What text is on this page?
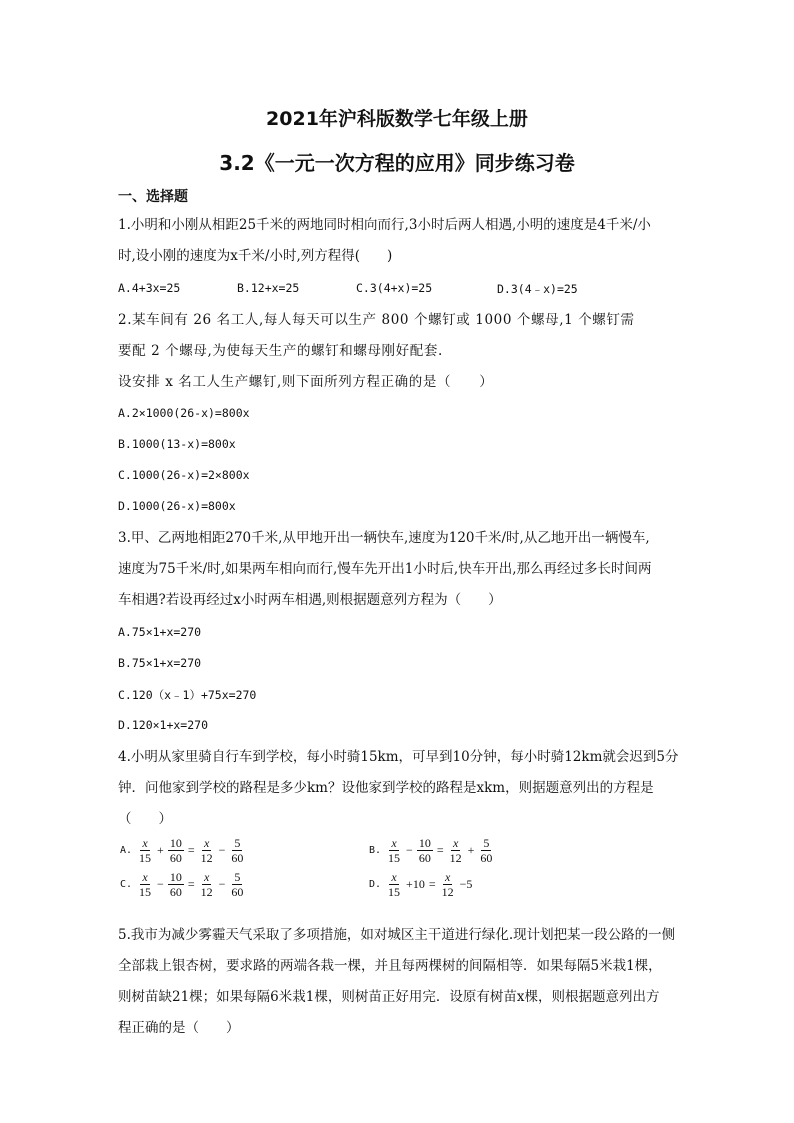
2021年沪科版数学七年级上册
3.2《一元一次方程的应用》同步练习卷
一、选择题
1.小明和小刚从相距25千米的两地同时相向而行,3小时后两人相遇,小明的速度是4千米/小
时,设小刚的速度为x千米/小时,列方程得(　　)
A.4+3x=25	B.12+x=25	C.3(4+x)=25	D.3(4﹣x)=25
2.某车间有 26 名工人,每人每天可以生产 800 个螺钉或 1000 个螺母,1 个螺钉需
要配 2 个螺母,为使每天生产的螺钉和螺母刚好配套.
设安排 x 名工人生产螺钉,则下面所列方程正确的是（　　）
A.2×1000(26-x)=800x
B.1000(13-x)=800x
C.1000(26-x)=2×800x
D.1000(26-x)=800x
3.甲、乙两地相距270千米,从甲地开出一辆快车,速度为120千米/时,从乙地开出一辆慢车,
速度为75千米/时,如果两车相向而行,慢车先开出1小时后,快车开出,那么再经过多长时间两
车相遇?若设再经过x小时两车相遇,则根据题意列方程为（　　）
A.75×1+x=270
B.75×1+x=270
C.120（x﹣1）+75x=270
D.120×1+x=270
4.小明从家里骑自行车到学校，每小时骑15km，可早到10分钟，每小时骑12km就会迟到5分
钟．问他家到学校的路程是多少km？设他家到学校的路程是xkm，则据题意列出的方程是
（　　）
A. $\frac{x}{15} + \frac{10}{60} = \frac{x}{12} - \frac{5}{60}$	B. $\frac{x}{15} - \frac{10}{60} = \frac{x}{12} + \frac{5}{60}$
C. $\frac{x}{15} - \frac{10}{60} = \frac{x}{12} - \frac{5}{60}$	D. $\frac{x}{15} +10 = \frac{x}{12} -5$
5.我市为减少雾霾天气采取了多项措施，如对城区主干道进行绿化.现计划把某一段公路的一侧
全部栽上银杏树，要求路的两端各栽一棵，并且每两棵树的间隔相等．如果每隔5米栽1棵，
则树苗缺21棵；如果每隔6米栽1棵，则树苗正好用完．设原有树苗x棵，则根据题意列出方
程正确的是（　　）
